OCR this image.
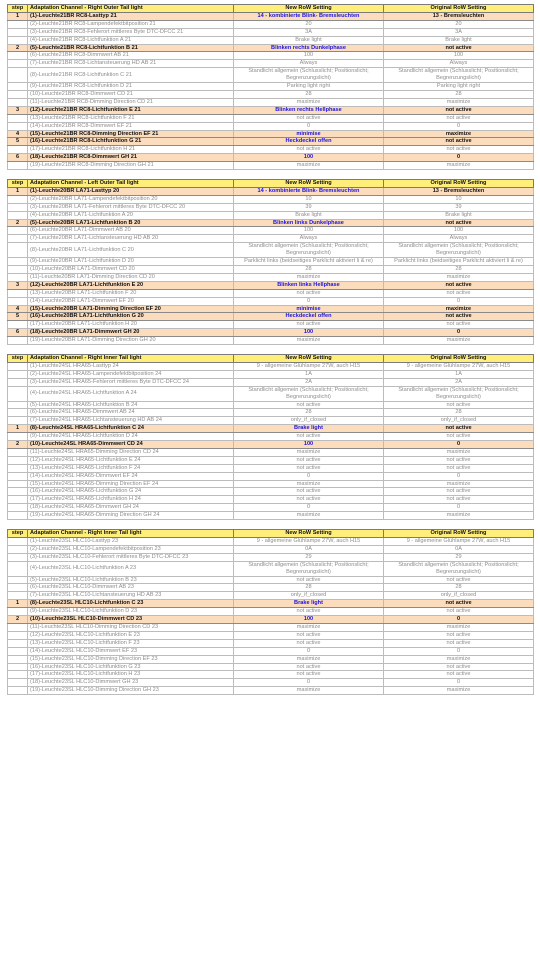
step	Adaptation Channel - Right Outer Tail light	New RoW Setting	Original RoW Setting
1	(1)-Leuchte21BR RC8-Lasttyp 21	14 - kombinierte Blink- Bremsleuchten	13 - Bremsleuchten
	(2)-Leuchte21BR RC8-Lampendefektbitposition 21	20	20
	(3)-Leuchte21BR RC8-Fehlerort mittleres Byte DTC-DFCC 21	3A	3A
	(4)-Leuchte21BR RC8-Lichtfunktion A 21	Brake light	Brake light
2	(5)-Leuchte21BR RC8-Lichtfunktion B 21	Blinken rechts Dunkelphase	not active
	(6)-Leuchte21BR RC8-Dimmwert AB 21	100	100
	(7)-Leuchte21BR RC8-Lichtansteuerung HD AB 21	Always	Always
	(8)-Leuchte21BR RC8-Lichtfunktion C 21	Standlicht allgemein (Schlusslicht; Positionslicht; Begrenzungslicht)	Standlicht allgemein (Schlusslicht; Positionslicht; Begrenzungslicht)
	(9)-Leuchte21BR RC8-Lichtfunktion D 21	Parking light right	Parking light right
	(10)-Leuchte21BR RC8-Dimmwert CD 21	28	28
	(11)-Leuchte21BR RC8-Dimming Direction CD 21	maximize	maximize
3	(12)-Leuchte21BR RC8-Lichtfunktion E 21	Blinken rechts Hellphase	not active
	(13)-Leuchte21BR RC8-Lichtfunktion F 21	not active	not active
	(14)-Leuchte21BR RC8-Dimmwert EF 21	0	0
4	(15)-Leuchte21BR RC8-Dimming Direction EF 21	minimise	maximize
5	(16)-Leuchte21BR RC8-Lichtfunktion G 21	Heckdeckel offen	not active
	(17)-Leuchte21BR RC8-Lichtfunktion H 21	not active	not active
6	(18)-Leuchte21BR RC8-Dimmwert GH 21	100	0
	(19)-Leuchte21BR RC8-Dimming Direction GH 21	maximize	maximize
step	Adaptation Channel - Left Outer Tail light	New RoW Setting	Original RoW Setting
1	(1)-Leuchte20BR LA71-Lasttyp 20	14 - kombinierte Blink- Bremsleuchten	13 - Bremsleuchten
	(2)-Leuchte20BR LA71-Lampendefektbitposition 20	10	10
	(3)-Leuchte20BR LA71-Fehlerort mittleres Byte DTC-DFCC 20	39	39
	(4)-Leuchte20BR LA71-Lichtfunktion A 20	Brake light	Brake light
2	(5)-Leuchte20BR LA71-Lichtfunktion B 20	Blinken links Dunkelphase	not active
	(6)-Leuchte20BR LA71-Dimmwert AB 20	100	100
	(7)-Leuchte20BR LA71-Lichtansteuerung HD AB 20	Always	Always
	(8)-Leuchte20BR LA71-Lichtfunktion C 20	Standlicht allgemein (Schlusslicht; Positionslicht; Begrenzungslicht)	Standlicht allgemein (Schlusslicht; Positionslicht; Begrenzungslicht)
	(9)-Leuchte20BR LA71-Lichtfunktion D 20	Parklicht links (beidseitiges Parklicht aktiviert li & re)	Parklicht links (beidseitiges Parklicht aktiviert li & re)
	(10)-Leuchte20BR LA71-Dimmwert CD 20	28	28
	(11)-Leuchte20BR LA71-Dimming Direction CD 20	maximize	maximize
3	(12)-Leuchte20BR LA71-Lichtfunktion E 20	Blinken links Hellphase	not active
	(13)-Leuchte20BR LA71-Lichtfunktion F 20	not active	not active
	(14)-Leuchte20BR LA71-Dimmwert EF 20	0	0
4	(15)-Leuchte20BR LA71-Dimming Direction EF 20	minimise	maximize
5	(16)-Leuchte20BR LA71-Lichtfunktion G 20	Heckdeckel offen	not active
	(17)-Leuchte20BR LA71-Lichtfunktion H 20	not active	not active
6	(18)-Leuchte20BR LA71-Dimmwert GH 20	100	0
	(19)-Leuchte20BR LA71-Dimming Direction GH 20	maximize	maximize
step	Adaptation Channel - Right Inner Tail light	New RoW Setting	Original RoW Setting
	(1)-Leuchte24SL HRA65-Lasttyp 24	9 - allgemeine Glühlampe 27W, auch H15	9 - allgemeine Glühlampe 27W, auch H15
	(2)-Leuchte24SL HRA65-Lampendefektbitposition 24	1A	1A
	(3)-Leuchte24SL HRA65-Fehlerort mittleres Byte DTC-DFCC 24	2A	2A
	(4)-Leuchte24SL HRA65-Lichtfunktion A 24	Standlicht allgemein (Schlusslicht; Positionslicht; Begrenzungslicht)	Standlicht allgemein (Schlusslicht; Positionslicht; Begrenzungslicht)
	(5)-Leuchte24SL HRA65-Lichtfunktion B 24	not active	not active
	(6)-Leuchte24SL HRA65-Dimmwert AB 24	28	28
	(7)-Leuchte24SL HRA65-Lichtansteuerung HD AB 24	only_if_closed	only_if_closed
1	(8)-Leuchte24SL HRA65-Lichtfunktion C 24	Brake light	not active
	(9)-Leuchte24SL HRA65-Lichtfunktion D 24	not active	not active
2	(10)-Leuchte24SL HRA65-Dimmwert CD 24	100	0
	(11)-Leuchte24SL HRA65-Dimming Direction CD 24	maximize	maximize
	(12)-Leuchte24SL HRA65-Lichtfunktion E 24	not active	not active
	(13)-Leuchte24SL HRA65-Lichtfunktion F 24	not active	not active
	(14)-Leuchte24SL HRA65-Dimmwert EF 24	0	0
	(15)-Leuchte24SL HRA65-Dimming Direction EF 24	maximize	maximize
	(16)-Leuchte24SL HRA65-Lichtfunktion G 24	not active	not active
	(17)-Leuchte24SL HRA65-Lichtfunktion H 24	not active	not active
	(18)-Leuchte24SL HRA65-Dimmwert GH 24	0	0
	(19)-Leuchte24SL HRA65-Dimming Direction GH 24	maximize	maximize
step	Adaptation Channel - Right Inner Tail light	New RoW Setting	Original RoW Setting
	(1)-Leuchte23SL HLC10-Lasttyp 23	9 - allgemeine Glühlampe 27W, auch H15	9 - allgemeine Glühlampe 27W, auch H15
	(2)-Leuchte23SL HLC10-Lampendefektbitposition 23	0A	0A
	(3)-Leuchte23SL HLC10-Fehlerort mittleres Byte DTC-DFCC 23	29	29
	(4)-Leuchte23SL HLC10-Lichtfunktion A 23	Standlicht allgemein (Schlusslicht; Positionslicht; Begrenzungslicht)	Standlicht allgemein (Schlusslicht; Positionslicht; Begrenzungslicht)
	(5)-Leuchte23SL HLC10-Lichtfunktion B 23	not active	not active
	(6)-Leuchte23SL HLC10-Dimmwert AB 23	28	28
	(7)-Leuchte23SL HLC10-Lichtansteuerung HD AB 23	only_if_closed	only_if_closed
1	(8)-Leuchte23SL HLC10-Lichtfunktion C 23	Brake light	not active
	(9)-Leuchte23SL HLC10-Lichtfunktion D 23	not active	not active
2	(10)-Leuchte23SL HLC10-Dimmwert CD 23	100	0
	(11)-Leuchte23SL HLC10-Dimming Direction CD 23	maximize	maximize
	(12)-Leuchte23SL HLC10-Lichtfunktion E 23	not active	not active
	(13)-Leuchte23SL HLC10-Lichtfunktion F 23	not active	not active
	(14)-Leuchte23SL HLC10-Dimmwert EF 23	0	0
	(15)-Leuchte23SL HLC10-Dimming Direction EF 23	maximize	maximize
	(16)-Leuchte23SL HLC10-Lichtfunktion G 23	not active	not active
	(17)-Leuchte23SL HLC10-Lichtfunktion H 23	not active	not active
	(18)-Leuchte23SL HLC10-Dimmwert GH 23	0	0
	(19)-Leuchte23SL HLC10-Dimming Direction GH 23	maximize	maximize
